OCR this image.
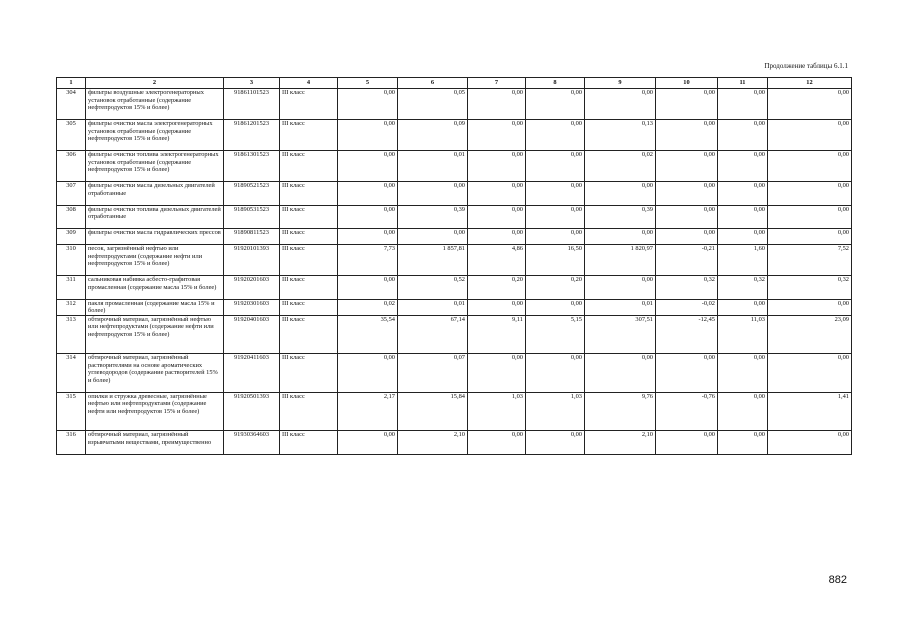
Продолжение таблицы 6.1.1
1	2	3	4	5	6	7	8	9	10	11	12
304	фильтры воздушные электрогенераторных установок отработанные (содержание нефтепродуктов 15% и более)	91861101523	III класс	0,00	0,05	0,00	0,00	0,00	0,00	0,00	0,00
305	фильтры очистки масла электрогенераторных установок отработанные (содержание нефтепродуктов 15% и более)	91861201523	III класс	0,00	0,09	0,00	0,00	0,13	0,00	0,00	0,00
306	фильтры очистки топлива электрогенераторных установок отработанные (содержание нефтепродуктов 15% и более)	91861301523	III класс	0,00	0,01	0,00	0,00	0,02	0,00	0,00	0,00
307	фильтры очистки масла дизельных двигателей отработанные	91890521523	III класс	0,00	0,00	0,00	0,00	0,00	0,00	0,00	0,00
308	фильтры очистки топлива дизельных двигателей отработанные	91890531523	III класс	0,00	0,39	0,00	0,00	0,39	0,00	0,00	0,00
309	фильтры очистки масла гидравлических прессов	91890811523	III класс	0,00	0,00	0,00	0,00	0,00	0,00	0,00	0,00
310	песок, загрязнённый нефтью или нефтепродуктами (содержание нефти или нефтепродуктов 15% и более)	91920101393	III класс	7,73	1 857,81	4,86	16,50	1 820,97	-0,21	1,60	7,52
311	сальниковая набивка асбесто-графитовая промасленная (содержание масла 15% и более)	91920201603	III класс	0,00	0,52	0,20	0,20	0,00	0,32	0,32	0,32
312	пакля промасленная (содержание масла 15% и более)	91920301603	III класс	0,02	0,01	0,00	0,00	0,01	-0,02	0,00	0,00
313	обтирочный материал, загрязнённый нефтью или нефтепродуктами (содержание нефти или нефтепродуктов 15% и более)	91920401603	III класс	35,54	67,14	9,11	5,15	307,51	-12,45	11,03	23,09
314	обтирочный материал, загрязнённый растворителями на основе ароматических углеводородов (содержание растворителей 15% и более)	91920411603	III класс	0,00	0,07	0,00	0,00	0,00	0,00	0,00	0,00
315	опилки и стружка древесные, загрязнённые нефтью или нефтепродуктами (содержание нефти или нефтепродуктов 15% и более)	91920501393	III класс	2,17	15,84	1,03	1,03	9,76	-0,76	0,00	1,41
316	обтирочный материал, загрязнённый взрывчатыми веществами, преимущественно	91930364603	III класс	0,00	2,10	0,00	0,00	2,10	0,00	0,00	0,00
882
